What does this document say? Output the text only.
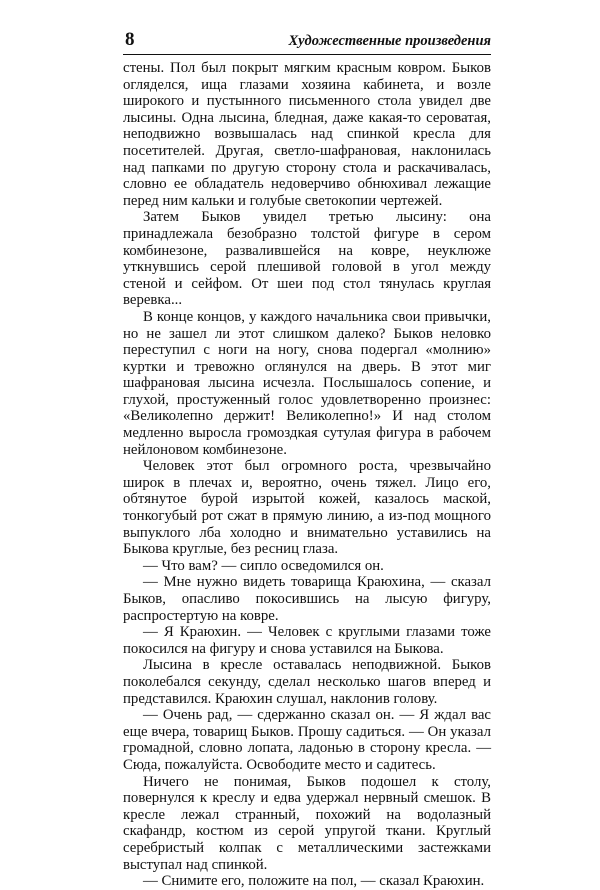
8	Художественные произведения

стены. Пол был покрыт мягким красным ковром. Быков огляделся, ища глазами хозяина кабинета, и возле широкого и пустынного письменного стола увидел две лысины. Одна лысина, бледная, даже какая-то сероватая, неподвижно возвышалась над спинкой кресла для посетителей. Другая, светло-шафрановая, наклонилась над папками по другую сторону стола и раскачивалась, словно ее обладатель недоверчиво обнюхивал лежащие перед ним кальки и голубые светокопии чертежей.

Затем Быков увидел третью лысину: она принадлежала безобразно толстой фигуре в сером комбинезоне, развалившейся на ковре, неуклюже уткнувшись серой плешивой головой в угол между стеной и сейфом. От шеи под стол тянулась круглая веревка...

В конце концов, у каждого начальника свои привычки, но не зашел ли этот слишком далеко? Быков неловко переступил с ноги на ногу, снова подергал «молнию» куртки и тревожно оглянулся на дверь. В этот миг шафрановая лысина исчезла. Послышалось сопение, и глухой, простуженный голос удовлетворенно произнес: «Великолепно держит! Великолепно!» И над столом медленно выросла громоздкая сутулая фигура в рабочем нейлоновом комбинезоне.

Человек этот был огромного роста, чрезвычайно широк в плечах и, вероятно, очень тяжел. Лицо его, обтянутое бурой изрытой кожей, казалось маской, тонкогубый рот сжат в прямую линию, а из-под мощного выпуклого лба холодно и внимательно уставились на Быкова круглые, без ресниц глаза.

— Что вам? — сипло осведомился он.

— Мне нужно видеть товарища Краюхина, — сказал Быков, опасливо покосившись на лысую фигуру, распростертую на ковре.

— Я Краюхин. — Человек с круглыми глазами тоже покосился на фигуру и снова уставился на Быкова.

Лысина в кресле оставалась неподвижной. Быков поколебался секунду, сделал несколько шагов вперед и представился. Краюхин слушал, наклонив голову.

— Очень рад, — сдержанно сказал он. — Я ждал вас еще вчера, товарищ Быков. Прошу садиться. — Он указал громадной, словно лопата, ладонью в сторону кресла. — Сюда, пожалуйста. Освободите место и садитесь.

Ничего не понимая, Быков подошел к столу, повернулся к креслу и едва удержал нервный смешок. В кресле лежал странный, похожий на водолазный скафандр, костюм из серой упругой ткани. Круглый серебристый колпак с металлическими застежками выступал над спинкой.

— Снимите его, положите на пол, — сказал Краюхин.
